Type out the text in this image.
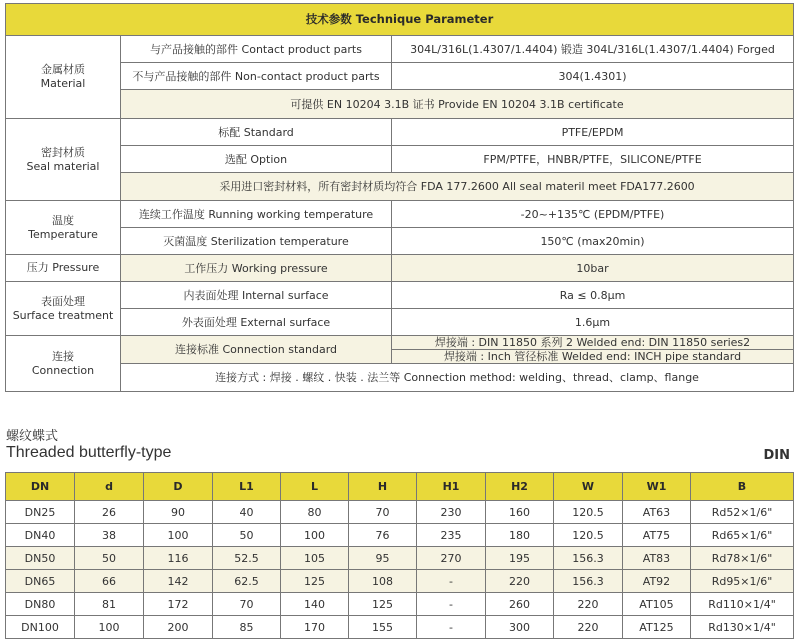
技术参数 Technique Parameter		
金属材质
Material	与产品接触的部件 Contact product parts	304L/316L(1.4307/1.4404) 锻造 304L/316L(1.4307/1.4404) Forged
	不与产品接触的部件 Non-contact product parts	304(1.4301)
	可提供 EN 10204 3.1B 证书 Provide EN 10204 3.1B certificate	
密封材质
Seal material	标配 Standard	PTFE/EPDM
	选配 Option	FPM/PTFE，HNBR/PTFE，SILICONE/PTFE
	采用进口密封材料，所有密封材质均符合 FDA 177.2600 All seal materil meet FDA177.2600	
温度
Temperature	连续工作温度 Running working temperature	-20~+135℃ (EPDM/PTFE)
	灭菌温度 Sterilization temperature	150℃ (max20min)
压力 Pressure	工作压力 Working pressure	10bar
表面处理
Surface treatment	内表面处理 Internal surface	Ra ≤ 0.8μm
	外表面处理 External surface	1.6μm
连接
Connection	连接标准 Connection standard	焊接端 : DIN 11850 系列 2 Welded end: DIN 11850 series2
		焊接端 : Inch 管径标准 Welded end: INCH pipe standard
	连接方式 : 焊接 . 螺纹 . 快装 . 法兰等 Connection method: welding、thread、clamp、flange	
螺纹蝶式
Threaded butterfly-type	DIN
DN	d	D	L1	L	H	H1	H2	W	W1	B
DN25	26	90	40	80	70	230	160	120.5	AT63	Rd52×1/6"
DN40	38	100	50	100	76	235	180	120.5	AT75	Rd65×1/6"
DN50	50	116	52.5	105	95	270	195	156.3	AT83	Rd78×1/6"
DN65	66	142	62.5	125	108	-	220	156.3	AT92	Rd95×1/6"
DN80	81	172	70	140	125	-	260	220	AT105	Rd110×1/4"
DN100	100	200	85	170	155	-	300	220	AT125	Rd130×1/4"
